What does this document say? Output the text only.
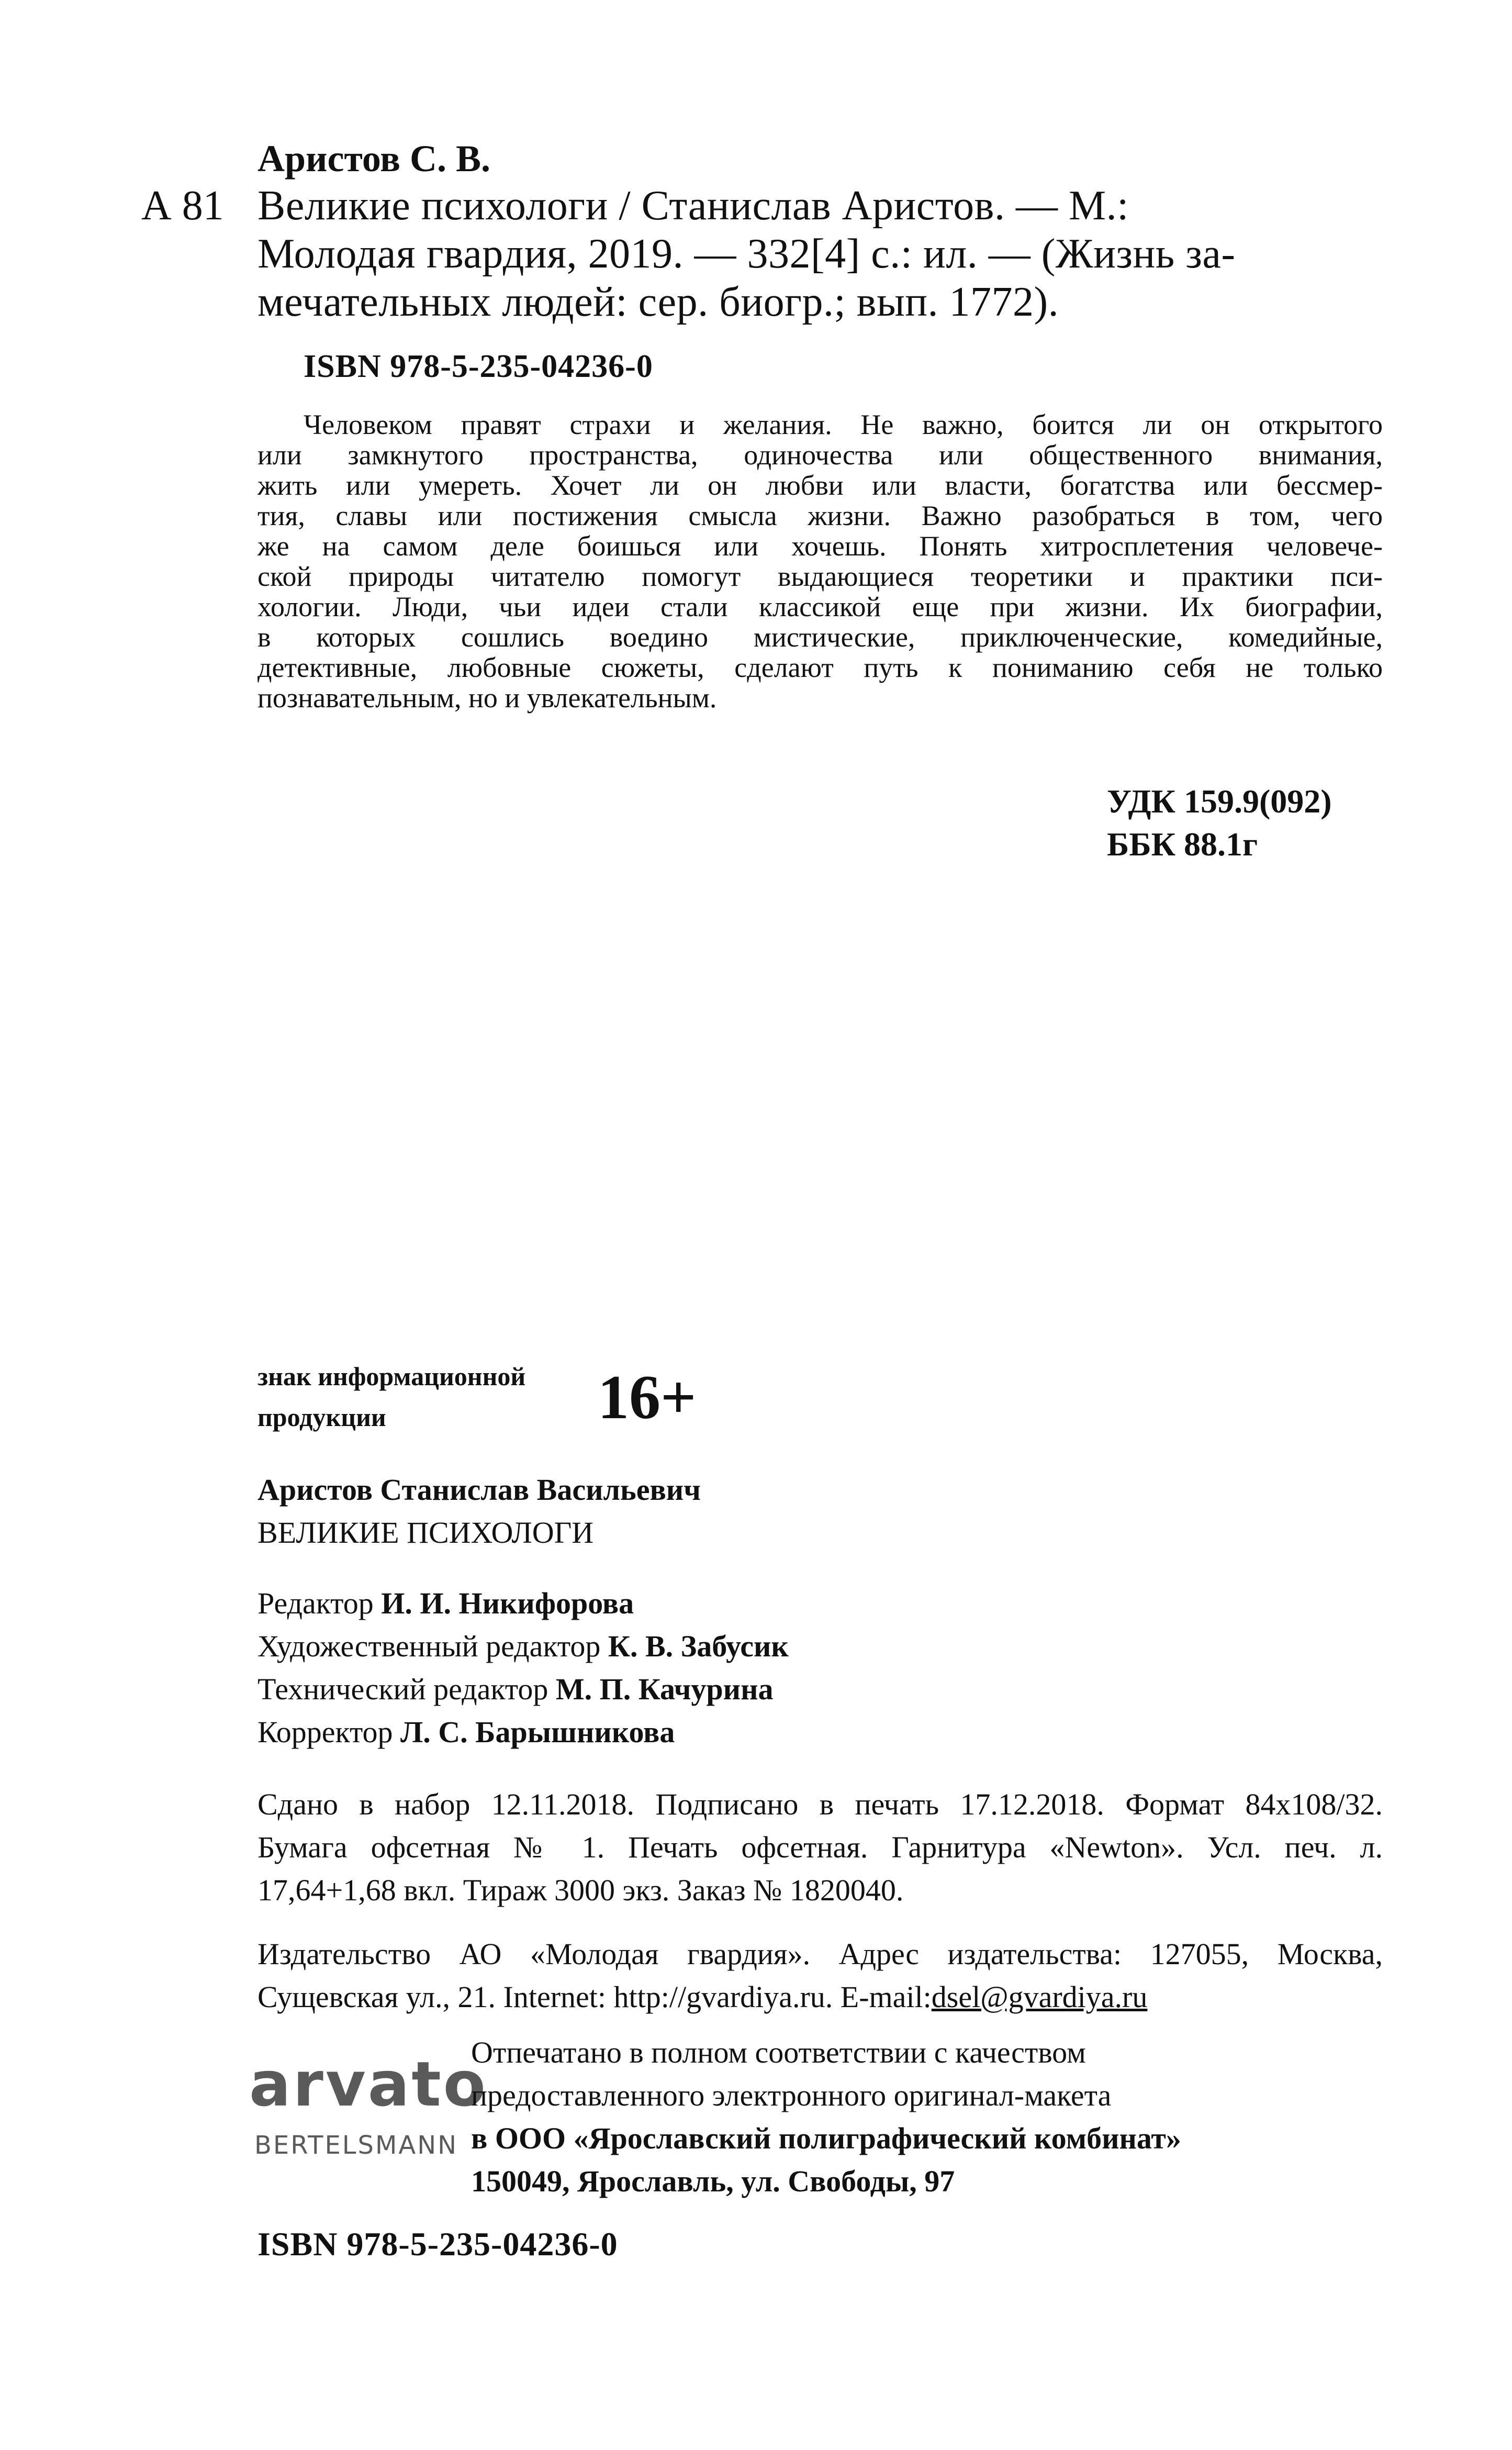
Аристов С. В.
А 81 Великие психологи / Станислав Аристов. — М.:
Молодая гвардия, 2019. — 332[4] с.: ил. — (Жизнь за-
мечательных людей: сер. биогр.; вып. 1772).
ISBN 978-5-235-04236-0
Человеком правят страхи и желания. Не важно, боится ли он открытого
или замкнутого пространства, одиночества или общественного внимания,
жить или умереть. Хочет ли он любви или власти, богатства или бессмер-
тия, славы или постижения смысла жизни. Важно разобраться в том, чего
же на самом деле боишься или хочешь. Понять хитросплетения человече-
ской природы читателю помогут выдающиеся теоретики и практики пси-
хологии. Люди, чьи идеи стали классикой еще при жизни. Их биографии,
в которых сошлись воедино мистические, приключенческие, комедийные,
детективные, любовные сюжеты, сделают путь к пониманию себя не только
познавательным, но и увлекательным.
УДК 159.9(092)
ББК 88.1г
знак информационной
продукции	16+
Аристов Станислав Васильевич
ВЕЛИКИЕ ПСИХОЛОГИ
Редактор И. И. Никифорова
Художественный редактор К. В. Забусик
Технический редактор М. П. Качурина
Корректор Л. С. Барышникова
Сдано в набор 12.11.2018. Подписано в печать 17.12.2018. Формат 84x108/32.
Бумага офсетная № 1. Печать офсетная. Гарнитура «Newton». Усл. печ. л.
17,64+1,68 вкл. Тираж 3000 экз. Заказ № 1820040.
Издательство АО «Молодая гвардия». Адрес издательства: 127055, Москва,
Сущевская ул., 21. Internet: http://gvardiya.ru. E-mail:dsel@gvardiya.ru
arvato
BERTELSMANN
Отпечатано в полном соответствии с качеством
предоставленного электронного оригинал-макета
в ООО «Ярославский полиграфический комбинат»
150049, Ярославль, ул. Свободы, 97
ISBN 978-5-235-04236-0
